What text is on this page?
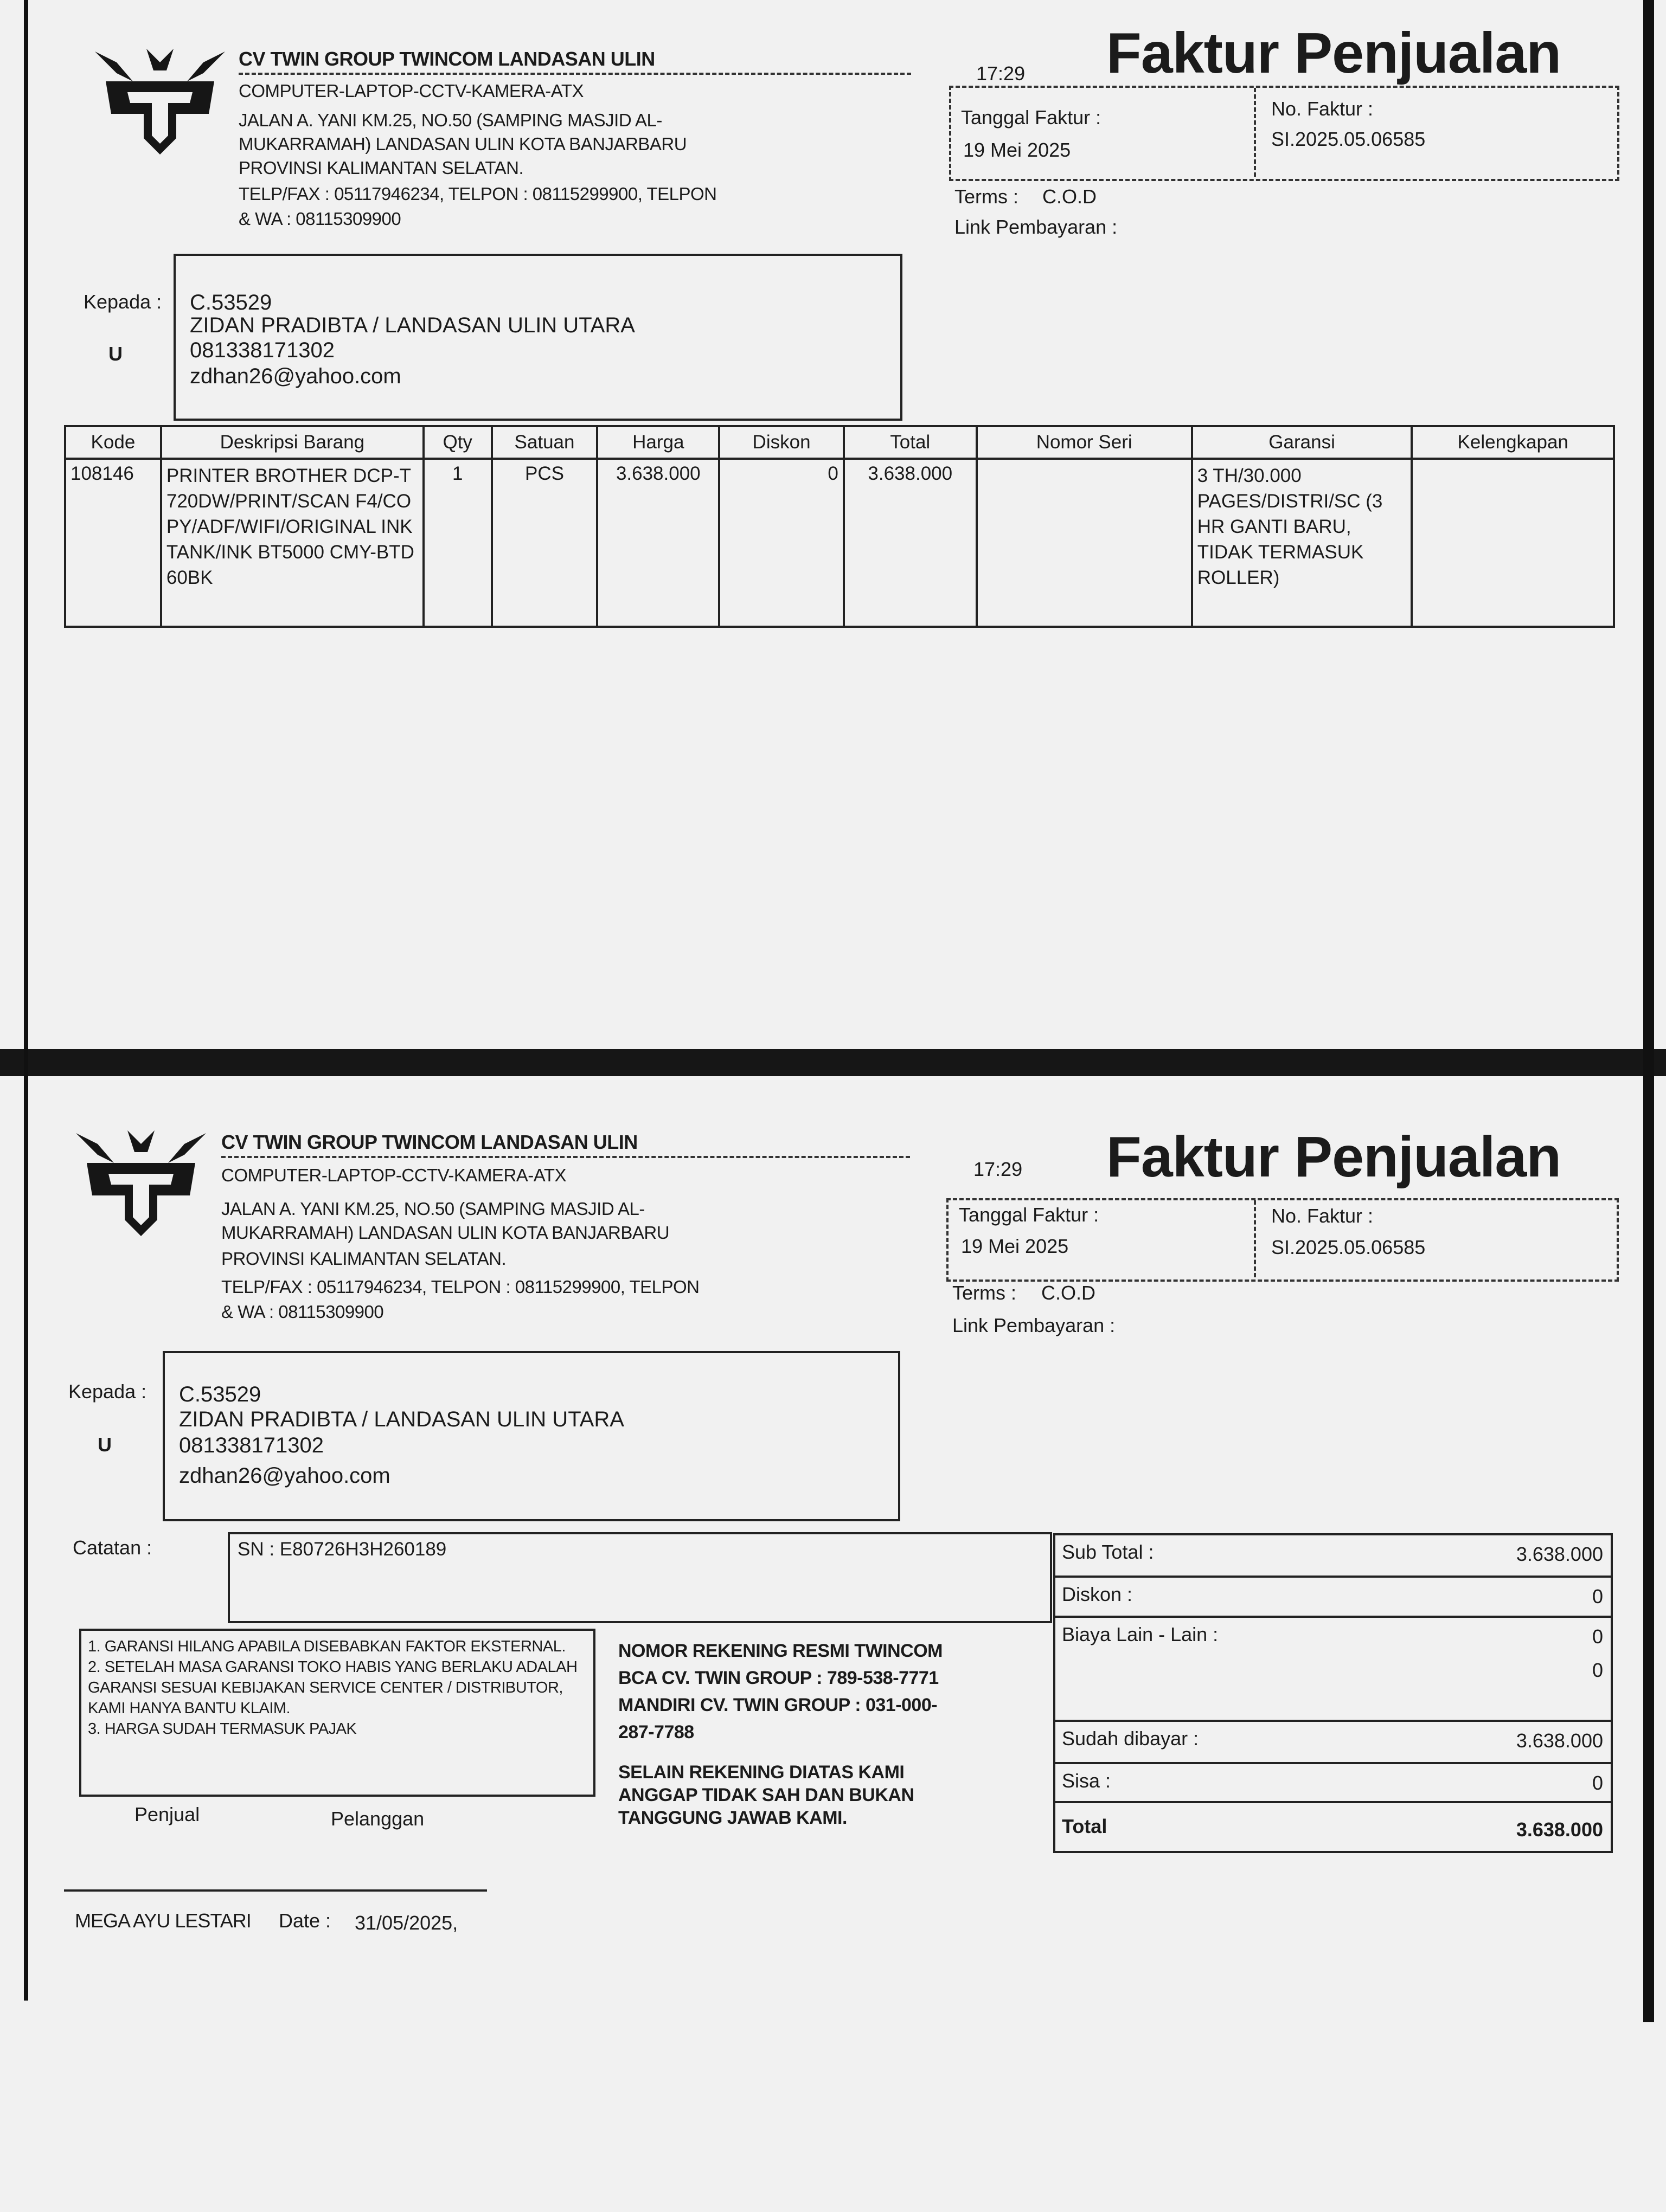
CV TWIN GROUP TWINCOM LANDASAN ULIN
COMPUTER-LAPTOP-CCTV-KAMERA-ATX
JALAN A. YANI KM.25, NO.50 (SAMPING MASJID AL-
MUKARRAMAH) LANDASAN ULIN KOTA BANJARBARU
PROVINSI KALIMANTAN SELATAN.
TELP/FAX : 05117946234, TELPON : 08115299900, TELPON
& WA : 08115309900
17:29 Faktur Penjualan
Tanggal Faktur :
19 Mei 2025
No. Faktur :
SI.2025.05.06585
Terms : C.O.D
Link Pembayaran :
Kepada :
U
C.53529
ZIDAN PRADIBTA / LANDASAN ULIN UTARA
081338171302
zdhan26@yahoo.com
Kode	Deskripsi Barang	Qty	Satuan	Harga	Diskon	Total	Nomor Seri	Garansi	Kelengkapan
108146	PRINTER BROTHER DCP-T720DW/PRINT/SCAN F4/COPY/ADF/WIFI/ORIGINAL INK TANK/INK BT5000 CMY-BTD60BK	1	PCS	3.638.000	0	3.638.000		3 TH/30.000 PAGES/DISTRI/SC (3 HR GANTI BARU, TIDAK TERMASUK ROLLER)	
CV TWIN GROUP TWINCOM LANDASAN ULIN
COMPUTER-LAPTOP-CCTV-KAMERA-ATX
JALAN A. YANI KM.25, NO.50 (SAMPING MASJID AL-
MUKARRAMAH) LANDASAN ULIN KOTA BANJARBARU
PROVINSI KALIMANTAN SELATAN.
TELP/FAX : 05117946234, TELPON : 08115299900, TELPON
& WA : 08115309900
17:29 Faktur Penjualan
Tanggal Faktur :
19 Mei 2025
No. Faktur :
SI.2025.05.06585
Terms : C.O.D
Link Pembayaran :
Kepada :
U
C.53529
ZIDAN PRADIBTA / LANDASAN ULIN UTARA
081338171302
zdhan26@yahoo.com
Catatan :	SN : E80726H3H260189
1. GARANSI HILANG APABILA DISEBABKAN FAKTOR EKSTERNAL.
2. SETELAH MASA GARANSI TOKO HABIS YANG BERLAKU ADALAH GARANSI SESUAI KEBIJAKAN SERVICE CENTER / DISTRIBUTOR, KAMI HANYA BANTU KLAIM.
3. HARGA SUDAH TERMASUK PAJAK
NOMOR REKENING RESMI TWINCOM
BCA CV. TWIN GROUP : 789-538-7771
MANDIRI CV. TWIN GROUP : 031-000-
287-7788
SELAIN REKENING DIATAS KAMI
ANGGAP TIDAK SAH DAN BUKAN
TANGGUNG JAWAB KAMI.
Sub Total :	3.638.000
Diskon :	0
Biaya Lain - Lain :	0
0
Sudah dibayar :	3.638.000
Sisa :	0
Total	3.638.000
Penjual	Pelanggan
MEGA AYU LESTARI Date : 31/05/2025,
